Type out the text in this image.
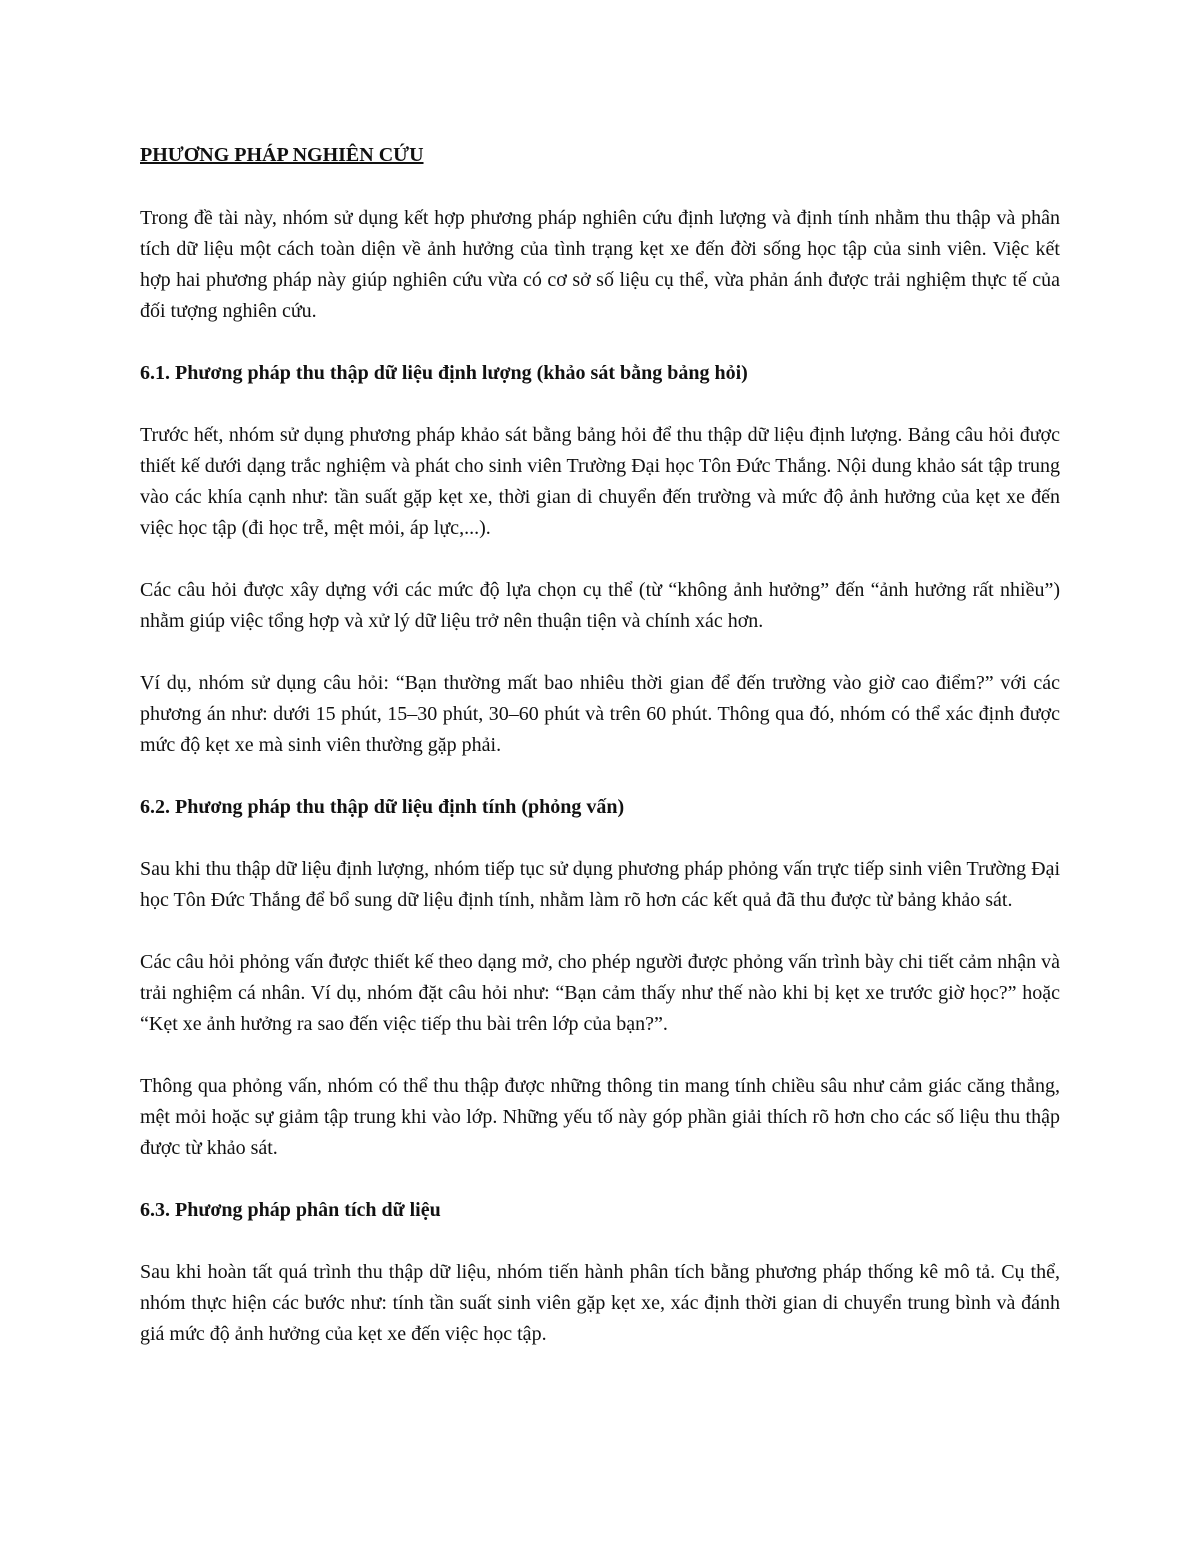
PHƯƠNG PHÁP NGHIÊN CỨU

Trong đề tài này, nhóm sử dụng kết hợp phương pháp nghiên cứu định lượng và định tính nhằm thu thập và phân tích dữ liệu một cách toàn diện về ảnh hưởng của tình trạng kẹt xe đến đời sống học tập của sinh viên. Việc kết hợp hai phương pháp này giúp nghiên cứu vừa có cơ sở số liệu cụ thể, vừa phản ánh được trải nghiệm thực tế của đối tượng nghiên cứu.

6.1. Phương pháp thu thập dữ liệu định lượng (khảo sát bằng bảng hỏi)

Trước hết, nhóm sử dụng phương pháp khảo sát bằng bảng hỏi để thu thập dữ liệu định lượng. Bảng câu hỏi được thiết kế dưới dạng trắc nghiệm và phát cho sinh viên Trường Đại học Tôn Đức Thắng. Nội dung khảo sát tập trung vào các khía cạnh như: tần suất gặp kẹt xe, thời gian di chuyển đến trường và mức độ ảnh hưởng của kẹt xe đến việc học tập (đi học trễ, mệt mỏi, áp lực,...).

Các câu hỏi được xây dựng với các mức độ lựa chọn cụ thể (từ “không ảnh hưởng” đến “ảnh hưởng rất nhiều”) nhằm giúp việc tổng hợp và xử lý dữ liệu trở nên thuận tiện và chính xác hơn.

Ví dụ, nhóm sử dụng câu hỏi: “Bạn thường mất bao nhiêu thời gian để đến trường vào giờ cao điểm?” với các phương án như: dưới 15 phút, 15–30 phút, 30–60 phút và trên 60 phút. Thông qua đó, nhóm có thể xác định được mức độ kẹt xe mà sinh viên thường gặp phải.

6.2. Phương pháp thu thập dữ liệu định tính (phỏng vấn)

Sau khi thu thập dữ liệu định lượng, nhóm tiếp tục sử dụng phương pháp phỏng vấn trực tiếp sinh viên Trường Đại học Tôn Đức Thắng để bổ sung dữ liệu định tính, nhằm làm rõ hơn các kết quả đã thu được từ bảng khảo sát.

Các câu hỏi phỏng vấn được thiết kế theo dạng mở, cho phép người được phỏng vấn trình bày chi tiết cảm nhận và trải nghiệm cá nhân. Ví dụ, nhóm đặt câu hỏi như: “Bạn cảm thấy như thế nào khi bị kẹt xe trước giờ học?” hoặc “Kẹt xe ảnh hưởng ra sao đến việc tiếp thu bài trên lớp của bạn?”.

Thông qua phỏng vấn, nhóm có thể thu thập được những thông tin mang tính chiều sâu như cảm giác căng thẳng, mệt mỏi hoặc sự giảm tập trung khi vào lớp. Những yếu tố này góp phần giải thích rõ hơn cho các số liệu thu thập được từ khảo sát.

6.3. Phương pháp phân tích dữ liệu

Sau khi hoàn tất quá trình thu thập dữ liệu, nhóm tiến hành phân tích bằng phương pháp thống kê mô tả. Cụ thể, nhóm thực hiện các bước như: tính tần suất sinh viên gặp kẹt xe, xác định thời gian di chuyển trung bình và đánh giá mức độ ảnh hưởng của kẹt xe đến việc học tập.
